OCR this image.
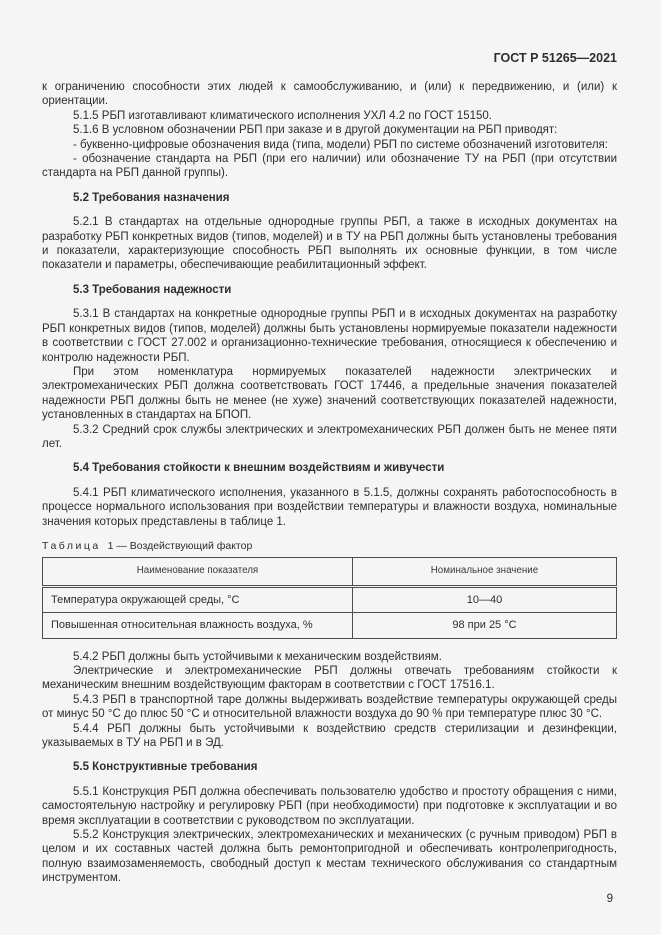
ГОСТ Р 51265—2021

к ограничению способности этих людей к самообслуживанию, и (или) к передвижению, и (или) к ориентации.

5.1.5 РБП изготавливают климатического исполнения УХЛ 4.2 по ГОСТ 15150.

5.1.6 В условном обозначении РБП при заказе и в другой документации на РБП приводят:

- буквенно-цифровые обозначения вида (типа, модели) РБП по системе обозначений изготовителя:

- обозначение стандарта на РБП (при его наличии) или обозначение ТУ на РБП (при отсутствии стандарта на РБП данной группы).

5.2 Требования назначения

5.2.1 В стандартах на отдельные однородные группы РБП, а также в исходных документах на разработку РБП конкретных видов (типов, моделей) и в ТУ на РБП должны быть установлены требования и показатели, характеризующие способность РБП выполнять их основные функции, в том числе показатели и параметры, обеспечивающие реабилитационный эффект.

5.3 Требования надежности

5.3.1 В стандартах на конкретные однородные группы РБП и в исходных документах на разработку РБП конкретных видов (типов, моделей) должны быть установлены нормируемые показатели надежности в соответствии с ГОСТ 27.002 и организационно-технические требования, относящиеся к обеспечению и контролю надежности РБП.

При этом номенклатура нормируемых показателей надежности электрических и электромеханических РБП должна соответствовать ГОСТ 17446, а предельные значения показателей надежности РБП должны быть не менее (не хуже) значений соответствующих показателей надежности, установленных в стандартах на БПОП.

5.3.2 Средний срок службы электрических и электромеханических РБП должен быть не менее пяти лет.

5.4 Требования стойкости к внешним воздействиям и живучести

5.4.1 РБП климатического исполнения, указанного в 5.1.5, должны сохранять работоспособность в процессе нормального использования при воздействии температуры и влажности воздуха, номинальные значения которых представлены в таблице 1.

Таблица 1 — Воздействующий фактор

Наименование показателя	Номинальное значение
Температура окружающей среды, °С	10—40
Повышенная относительная влажность воздуха, %	98 при 25 °С

5.4.2 РБП должны быть устойчивыми к механическим воздействиям.

Электрические и электромеханические РБП должны отвечать требованиям стойкости к механическим внешним воздействующим факторам в соответствии с ГОСТ 17516.1.

5.4.3 РБП в транспортной таре должны выдерживать воздействие температуры окружающей среды от минус 50 °С до плюс 50 °С и относительной влажности воздуха до 90 % при температуре плюс 30 °С.

5.4.4 РБП должны быть устойчивыми к воздействию средств стерилизации и дезинфекции, указываемых в ТУ на РБП и в ЭД.

5.5 Конструктивные требования

5.5.1 Конструкция РБП должна обеспечивать пользователю удобство и простоту обращения с ними, самостоятельную настройку и регулировку РБП (при необходимости) при подготовке к эксплуатации и во время эксплуатации в соответствии с руководством по эксплуатации.

5.5.2 Конструкция электрических, электромеханических и механических (с ручным приводом) РБП в целом и их составных частей должна быть ремонтопригодной и обеспечивать контролепригодность, полную взаимозаменяемость, свободный доступ к местам технического обслуживания со стандартным инструментом.

9
